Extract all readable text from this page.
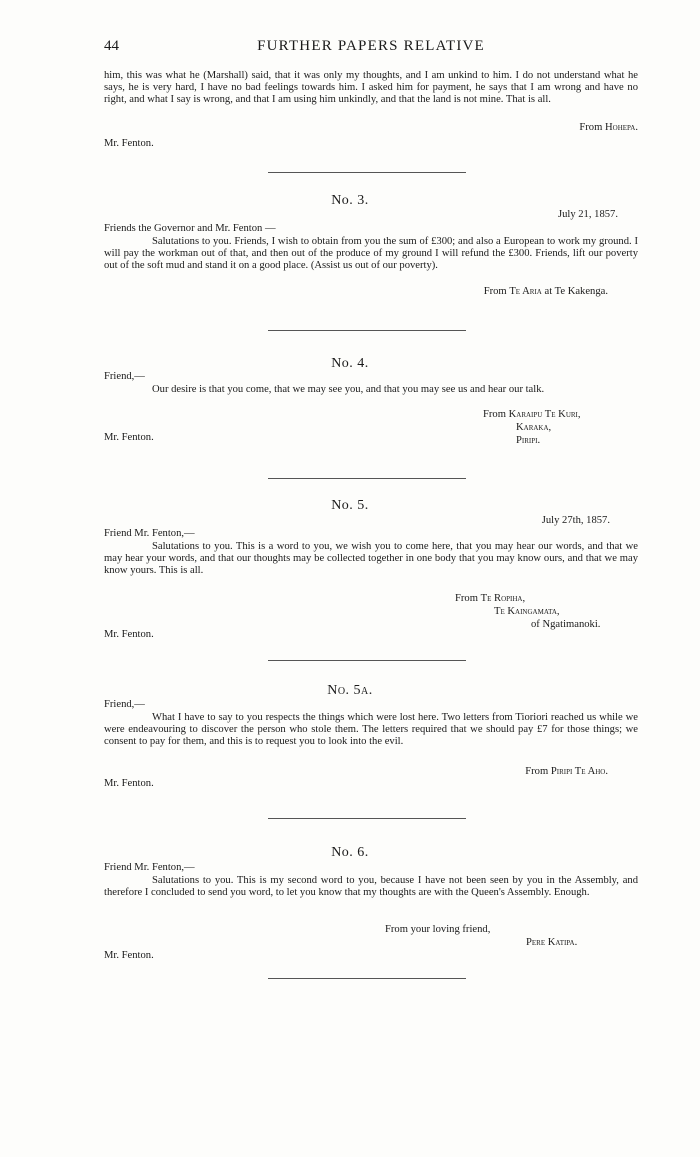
44	FURTHER PAPERS RELATIVE

him, this was what he (Marshall) said, that it was only my thoughts, and I am unkind to him. I do not understand what he says, he is very hard, I have no bad feelings towards him. I asked him for payment, he says that I am wrong and have no right, and what I say is wrong, and that I am using him unkindly, and that the land is not mine. That is all.

From Hohepa.
Mr. Fenton.
No. 3.
July 21, 1857.
Friends the Governor and Mr. Fenton —

Salutations to you. Friends, I wish to obtain from you the sum of £300; and also a European to work my ground. I will pay the workman out of that, and then out of the produce of my ground I will refund the £300. Friends, lift our poverty out of the soft mud and stand it on a good place. (Assist us out of our poverty).

From Te Aria at Te Kakenga.
No. 4.
Friend,—

Our desire is that you come, that we may see you, and that you may see us and hear our talk.

From Karaipu Te Kuri,
Karaka,
Piripi.
Mr. Fenton.
No. 5.
July 27th, 1857.
Friend Mr. Fenton,—

Salutations to you. This is a word to you, we wish you to come here, that you may hear our words, and that we may hear your words, and that our thoughts may be collected together in one body that you may know ours, and that we may know yours. This is all.

From Te Ropiha,
Te Kaingamata,
of Ngatimanoki.
Mr. Fenton.
No. 5a.
Friend,—

What I have to say to you respects the things which were lost here. Two letters from Tioriori reached us while we were endeavouring to discover the person who stole them. The letters required that we should pay £7 for those things; we consent to pay for them, and this is to request you to look into the evil.

From Piripi Te Aho.
Mr. Fenton.
No. 6.
Friend Mr. Fenton,—

Salutations to you. This is my second word to you, because I have not been seen by you in the Assembly, and therefore I concluded to send you word, to let you know that my thoughts are with the Queen's Assembly. Enough.

From your loving friend,
Pere Katipa.
Mr. Fenton.
